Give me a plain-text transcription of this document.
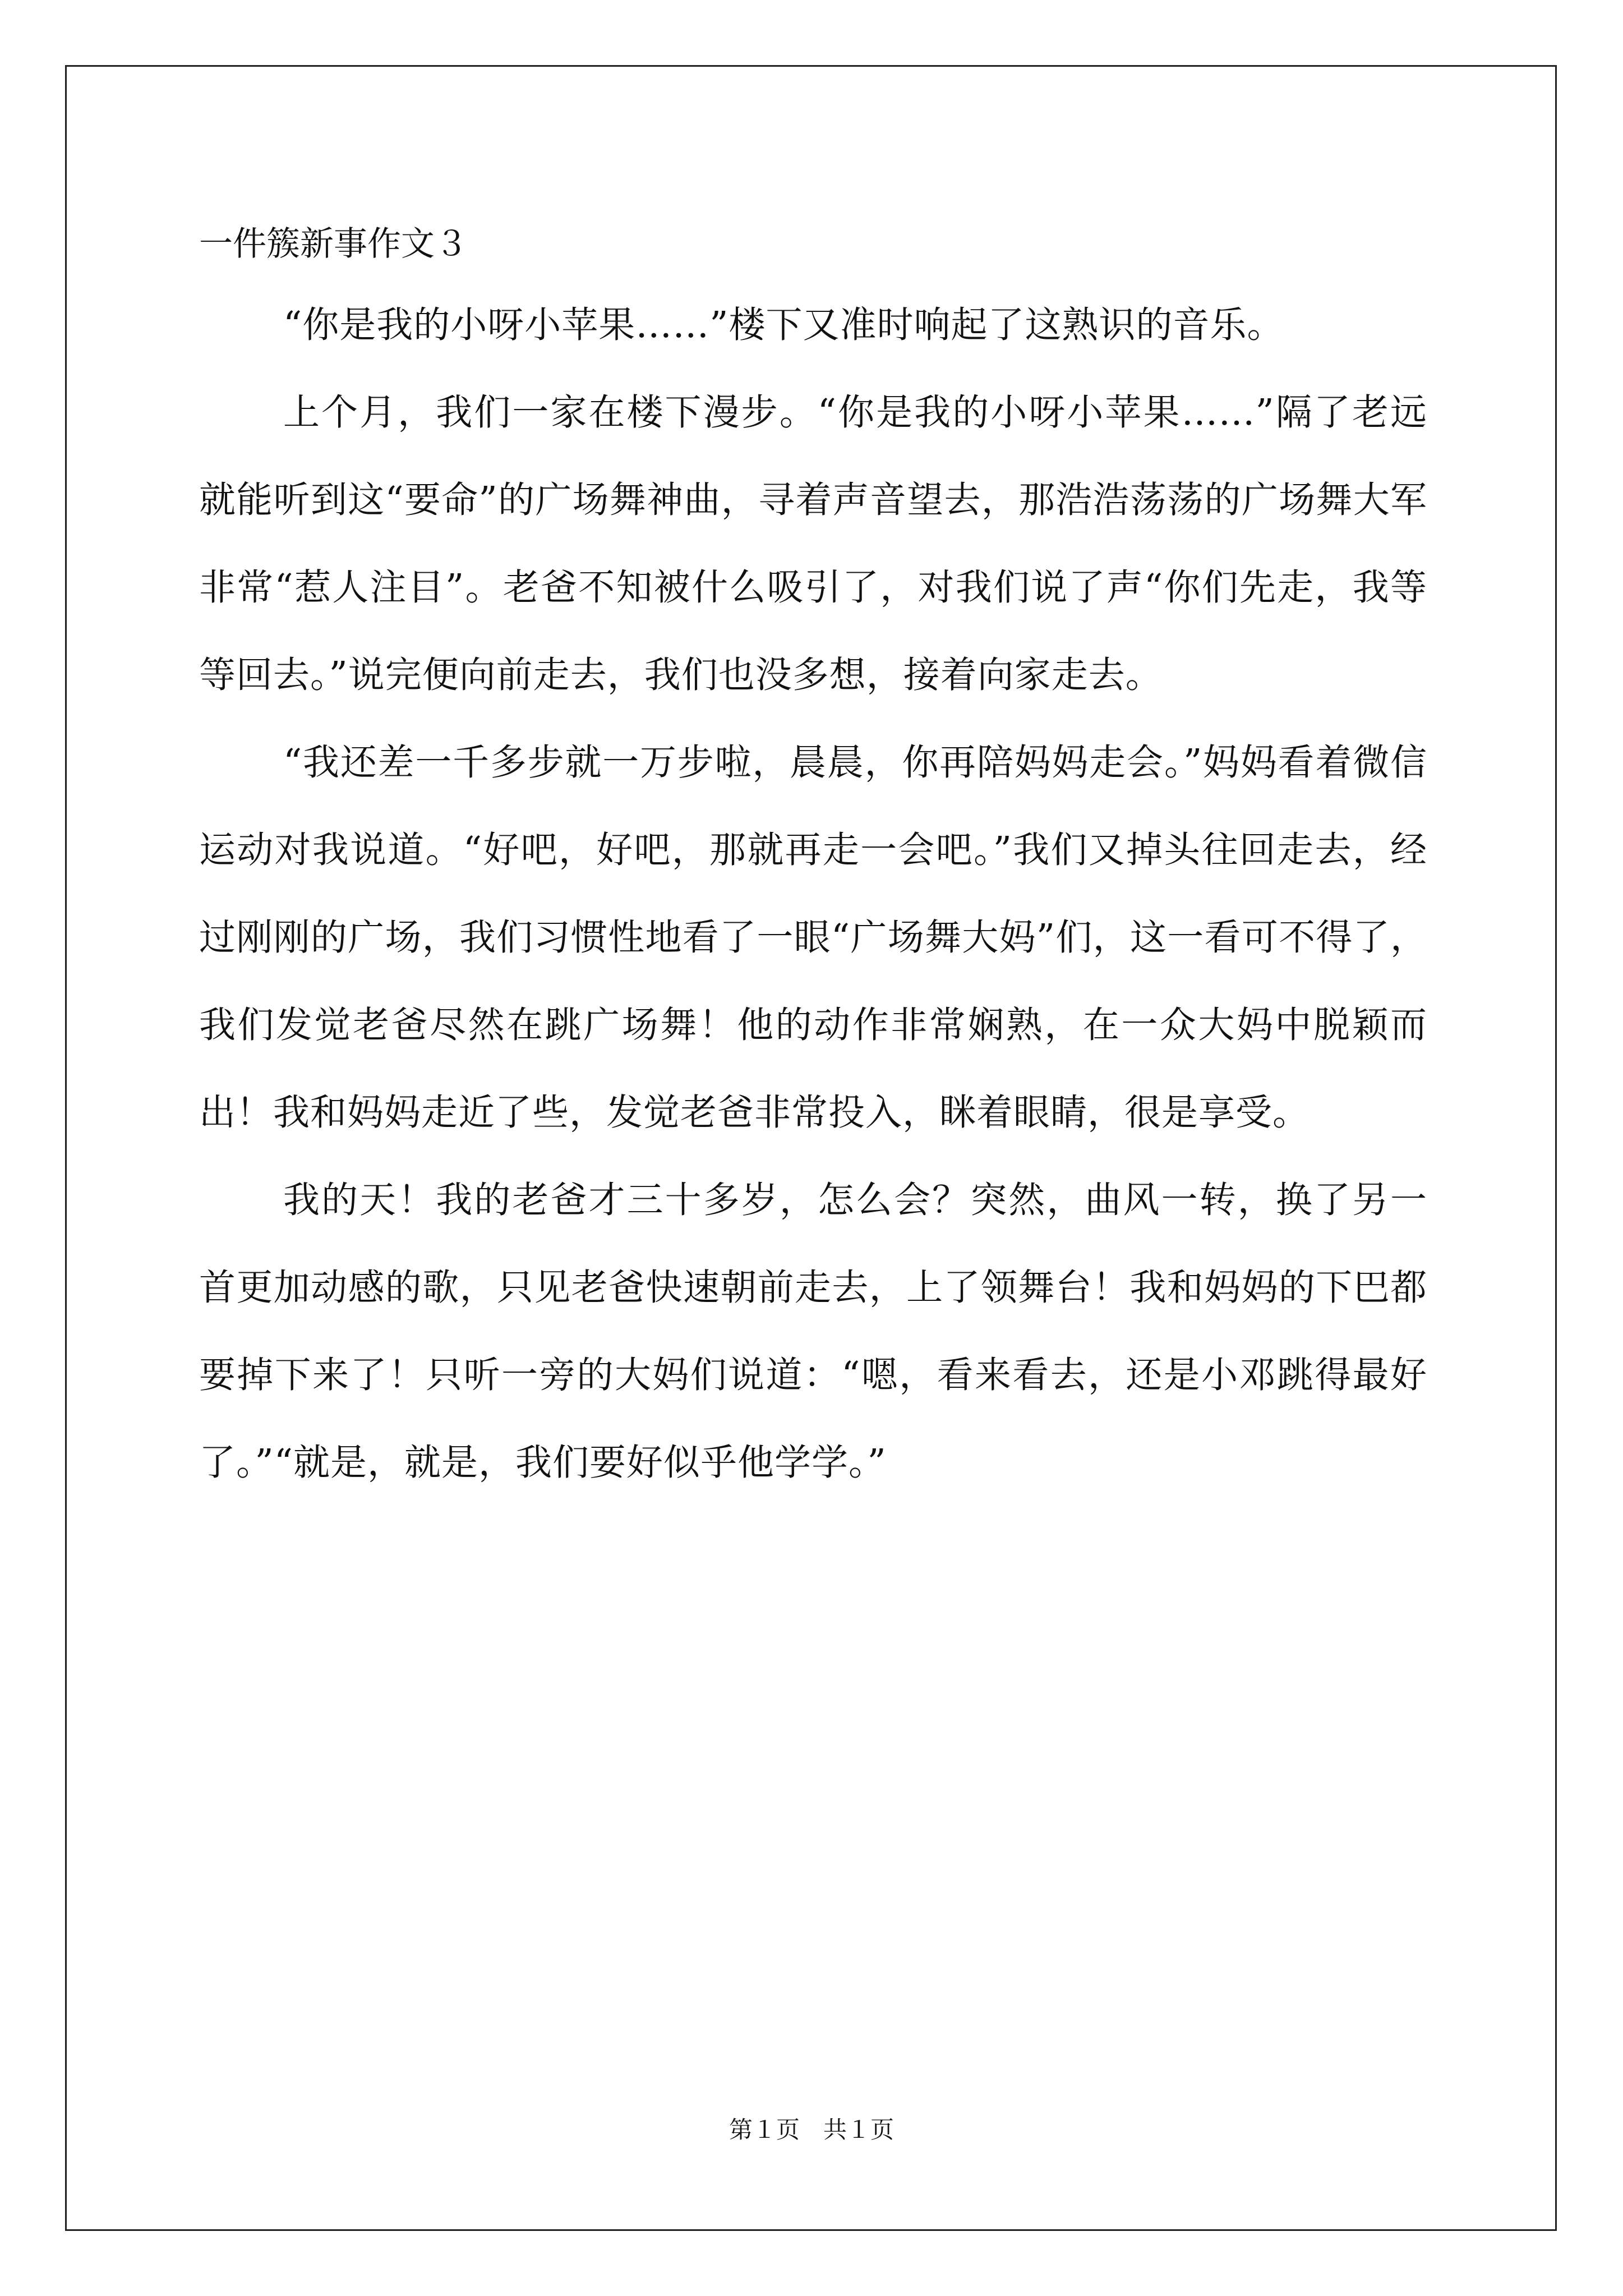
一件簇新事作文３

“你是我的小呀小苹果……”楼下又准时响起了这熟识的音乐。

上个月，我们一家在楼下漫步。“你是我的小呀小苹果……”隔了老远就能听到这“要命”的广场舞神曲，寻着声音望去，那浩浩荡荡的广场舞大军非常“惹人注目”。老爸不知被什么吸引了，对我们说了声“你们先走，我等等回去。”说完便向前走去，我们也没多想，接着向家走去。

“我还差一千多步就一万步啦，晨晨，你再陪妈妈走会。”妈妈看着微信运动对我说道。“好吧，好吧，那就再走一会吧。”我们又掉头往回走去，经过刚刚的广场，我们习惯性地看了一眼“广场舞大妈”们，这一看可不得了，我们发觉老爸尽然在跳广场舞！他的动作非常娴熟，在一众大妈中脱颖而出！我和妈妈走近了些，发觉老爸非常投入，眯着眼睛，很是享受。

我的天！我的老爸才三十多岁，怎么会？突然，曲风一转，换了另一首更加动感的歌，只见老爸快速朝前走去，上了领舞台！我和妈妈的下巴都要掉下来了！只听一旁的大妈们说道：“嗯，看来看去，还是小邓跳得最好了。”“就是，就是，我们要好似乎他学学。”

第１页　共１页
